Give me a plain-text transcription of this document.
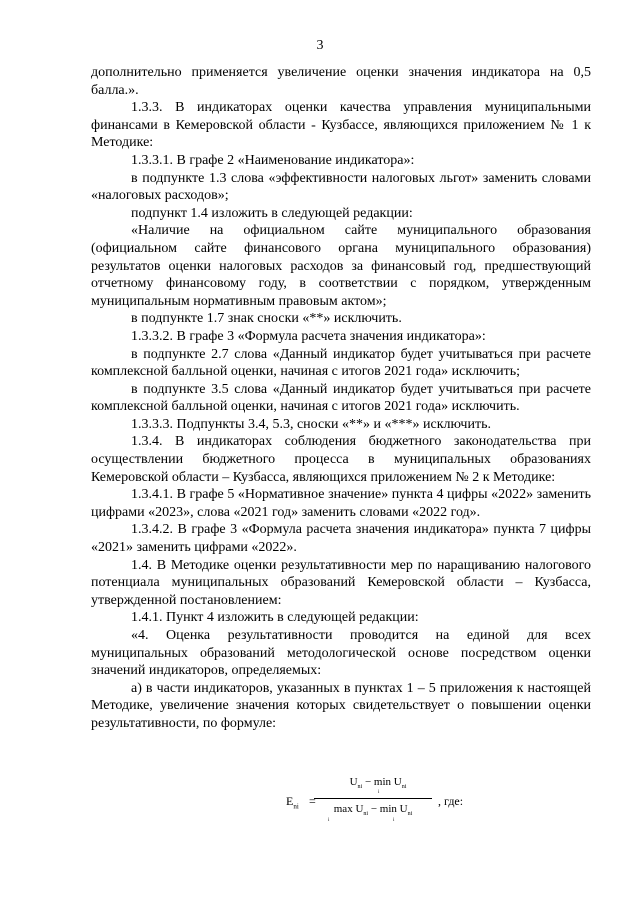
3

дополнительно применяется увеличение оценки значения индикатора на 0,5 балла.».

1.3.3. В индикаторах оценки качества управления муниципальными финансами в Кемеровской области - Кузбассе, являющихся приложением № 1 к Методике:

1.3.3.1. В графе 2 «Наименование индикатора»:

в подпункте 1.3 слова «эффективности налоговых льгот» заменить словами «налоговых расходов»;

подпункт 1.4 изложить в следующей редакции:

«Наличие на официальном сайте муниципального образования (официальном сайте финансового органа муниципального образования) результатов оценки налоговых расходов за финансовый год, предшествующий отчетному финансовому году, в соответствии с порядком, утвержденным муниципальным нормативным правовым актом»;

в подпункте 1.7 знак сноски «**» исключить.

1.3.3.2. В графе 3 «Формула расчета значения индикатора»:

в подпункте 2.7 слова «Данный индикатор будет учитываться при расчете комплексной балльной оценки, начиная с итогов 2021 года» исключить;

в подпункте 3.5 слова «Данный индикатор будет учитываться при расчете комплексной балльной оценки, начиная с итогов 2021 года» исключить.

1.3.3.3. Подпункты 3.4, 5.3, сноски «**» и «***» исключить.

1.3.4. В индикаторах соблюдения бюджетного законодательства при осуществлении бюджетного процесса в муниципальных образованиях Кемеровской области – Кузбасса, являющихся приложением № 2 к Методике:

1.3.4.1. В графе 5 «Нормативное значение» пункта 4 цифры «2022» заменить цифрами «2023», слова «2021 год» заменить словами «2022 год».

1.3.4.2. В графе 3 «Формула расчета значения индикатора» пункта 7 цифры «2021» заменить цифрами «2022».

1.4. В Методике оценки результативности мер по наращиванию налогового потенциала муниципальных образований Кемеровской области – Кузбасса, утвержденной постановлением:

1.4.1. Пункт 4 изложить в следующей редакции:

«4. Оценка результативности проводится на единой для всех муниципальных образований методологической основе посредством оценки значений индикаторов, определяемых:

а) в части индикаторов, указанных в пунктах 1 – 5 приложения к настоящей Методике, увеличение значения которых свидетельствует о повышении оценки результативности, по формуле:

$E_{ni}$ =
$U_{ni} - \min U_{ni}$
i
$\max U_{ni} - \min U_{ni}$
i	i
, где:
